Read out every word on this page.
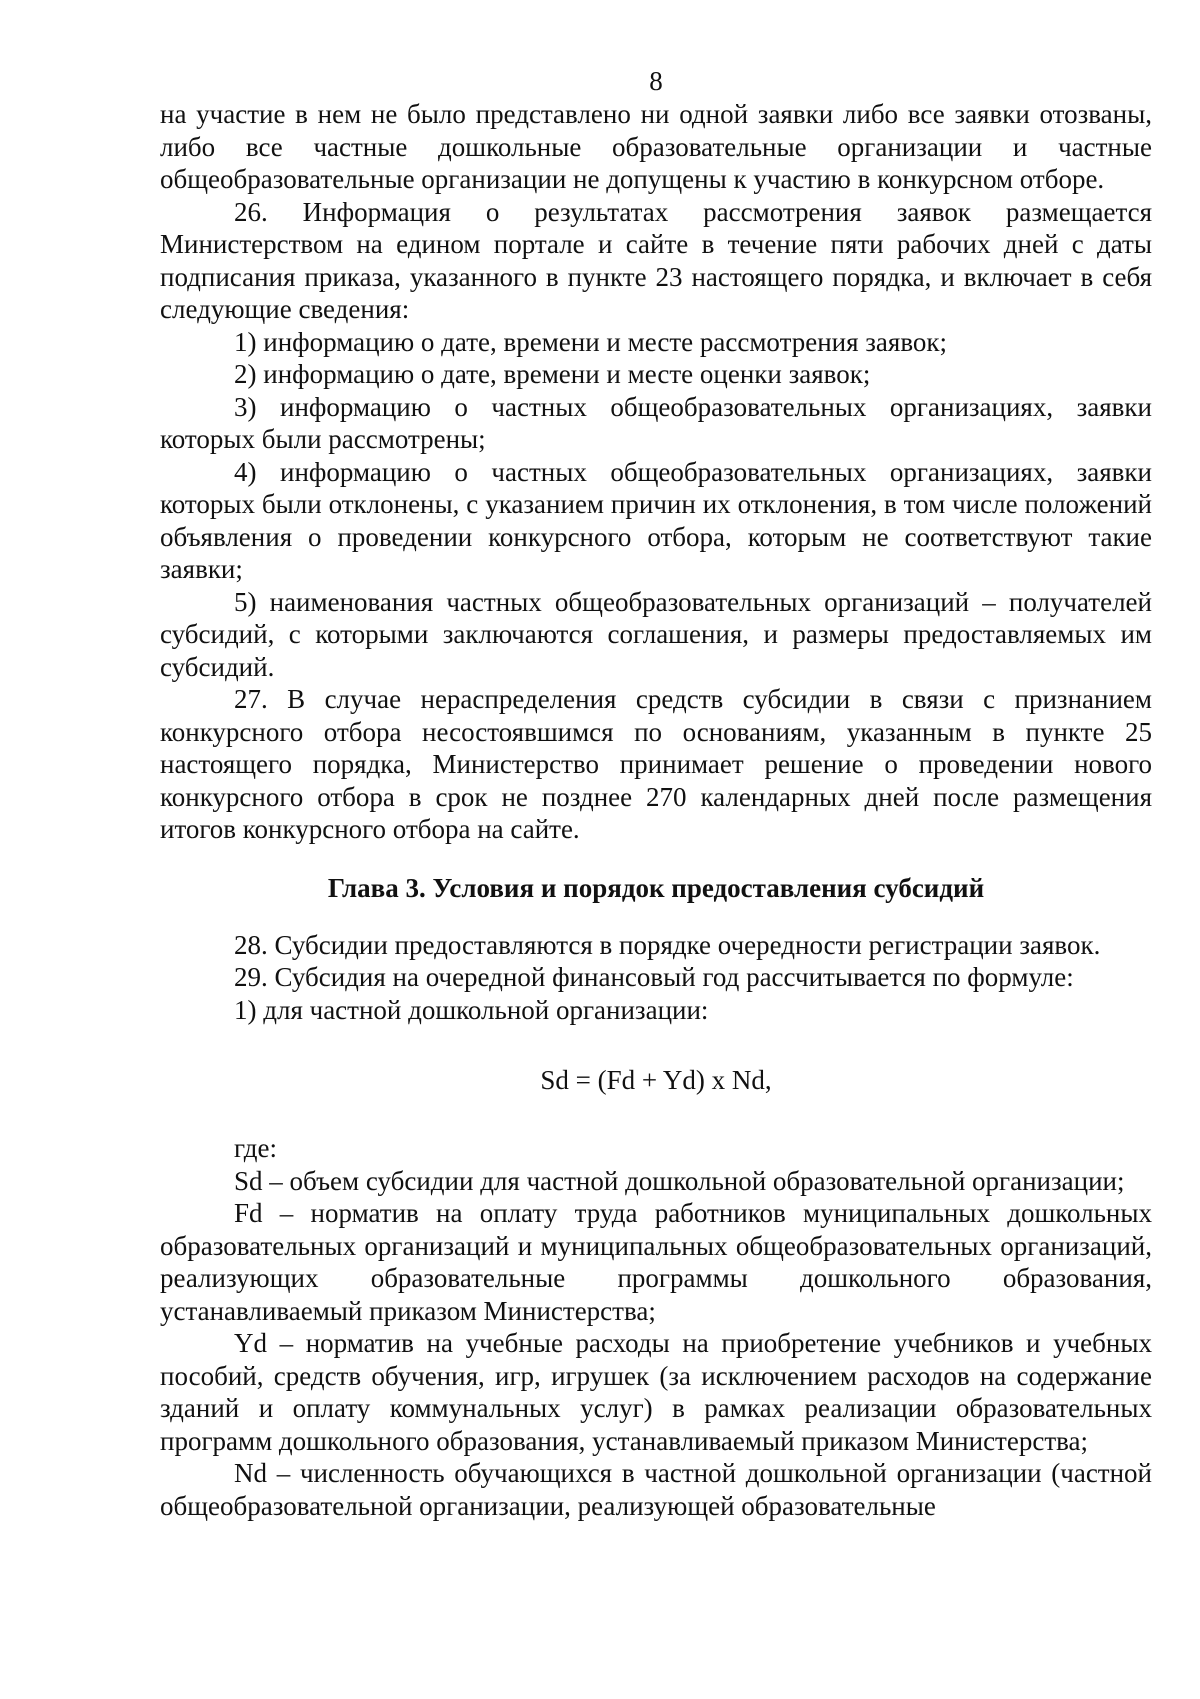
8

на участие в нем не было представлено ни одной заявки либо все заявки отозваны, либо все частные дошкольные образовательные организации и частные общеобразовательные организации не допущены к участию в конкурсном отборе.

26. Информация о результатах рассмотрения заявок размещается Министерством на едином портале и сайте в течение пяти рабочих дней с даты подписания приказа, указанного в пункте 23 настоящего порядка, и включает в себя следующие сведения:

1) информацию о дате, времени и месте рассмотрения заявок;

2) информацию о дате, времени и месте оценки заявок;

3) информацию о частных общеобразовательных организациях, заявки которых были рассмотрены;

4) информацию о частных общеобразовательных организациях, заявки которых были отклонены, с указанием причин их отклонения, в том числе положений объявления о проведении конкурсного отбора, которым не соответствуют такие заявки;

5) наименования частных общеобразовательных организаций – получателей субсидий, с которыми заключаются соглашения, и размеры предоставляемых им субсидий.

27. В случае нераспределения средств субсидии в связи с признанием конкурсного отбора несостоявшимся по основаниям, указанным в пункте 25 настоящего порядка, Министерство принимает решение о проведении нового конкурсного отбора в срок не позднее 270 календарных дней после размещения итогов конкурсного отбора на сайте.

Глава 3. Условия и порядок предоставления субсидий

28. Субсидии предоставляются в порядке очередности регистрации заявок.

29. Субсидия на очередной финансовый год рассчитывается по формуле:

1) для частной дошкольной организации:

Sd = (Fd + Yd) x Nd,

где:

Sd – объем субсидии для частной дошкольной образовательной организации;

Fd – норматив на оплату труда работников муниципальных дошкольных образовательных организаций и муниципальных общеобразовательных организаций, реализующих образовательные программы дошкольного образования, устанавливаемый приказом Министерства;

Yd – норматив на учебные расходы на приобретение учебников и учебных пособий, средств обучения, игр, игрушек (за исключением расходов на содержание зданий и оплату коммунальных услуг) в рамках реализации образовательных программ дошкольного образования, устанавливаемый приказом Министерства;

Nd – численность обучающихся в частной дошкольной организации (частной общеобразовательной организации, реализующей образовательные
